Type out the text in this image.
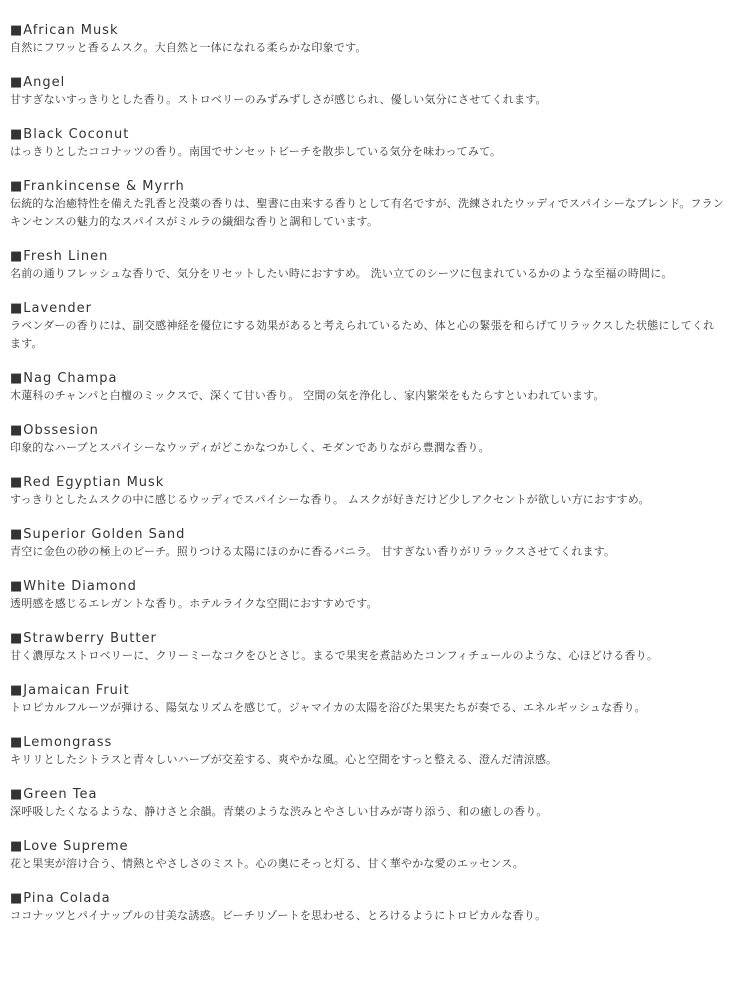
■African Musk

自然にフワッと香るムスク。大自然と一体になれる柔らかな印象です。

■Angel

甘すぎないすっきりとした香り。ストロベリーのみずみずしさが感じられ、優しい気分にさせてくれます。

■Black Coconut

はっきりとしたココナッツの香り。南国でサンセットビーチを散歩している気分を味わってみて。

■Frankincense & Myrrh

伝統的な治癒特性を備えた乳香と没薬の香りは、聖書に由来する香りとして有名ですが、洗練されたウッディでスパイシーなブレンド。フランキンセンスの魅力的なスパイスがミルラの繊細な香りと調和しています。

■Fresh Linen

名前の通りフレッシュな香りで、気分をリセットしたい時におすすめ。 洗い立てのシーツに包まれているかのような至福の時間に。

■Lavender

ラベンダーの香りには、副交感神経を優位にする効果があると考えられているため、体と心の緊張を和らげてリラックスした状態にしてくれます。

■Nag Champa

木蓮科のチャンパと白檀のミックスで、深くて甘い香り。 空間の気を浄化し、家内繁栄をもたらすといわれています。

■Obssesion

印象的なハーブとスパイシーなウッディがどこかなつかしく、モダンでありながら豊潤な香り。

■Red Egyptian Musk

すっきりとしたムスクの中に感じるウッディでスパイシーな香り。 ムスクが好きだけど少しアクセントが欲しい方におすすめ。

■Superior Golden Sand

青空に金色の砂の極上のビーチ。照りつける太陽にほのかに香るバニラ。 甘すぎない香りがリラックスさせてくれます。

■White Diamond

透明感を感じるエレガントな香り。ホテルライクな空間におすすめです。

■Strawberry Butter

甘く濃厚なストロベリーに、クリーミーなコクをひとさじ。まるで果実を煮詰めたコンフィチュールのような、心ほどける香り。

■Jamaican Fruit

トロピカルフルーツが弾ける、陽気なリズムを感じて。ジャマイカの太陽を浴びた果実たちが奏でる、エネルギッシュな香り。

■Lemongrass

キリリとしたシトラスと青々しいハーブが交差する、爽やかな風。心と空間をすっと整える、澄んだ清涼感。

■Green Tea

深呼吸したくなるような、静けさと余韻。青葉のような渋みとやさしい甘みが寄り添う、和の癒しの香り。

■Love Supreme

花と果実が溶け合う、情熱とやさしさのミスト。心の奥にそっと灯る、甘く華やかな愛のエッセンス。

■Pina Colada

ココナッツとパイナップルの甘美な誘惑。ビーチリゾートを思わせる、とろけるようにトロピカルな香り。
